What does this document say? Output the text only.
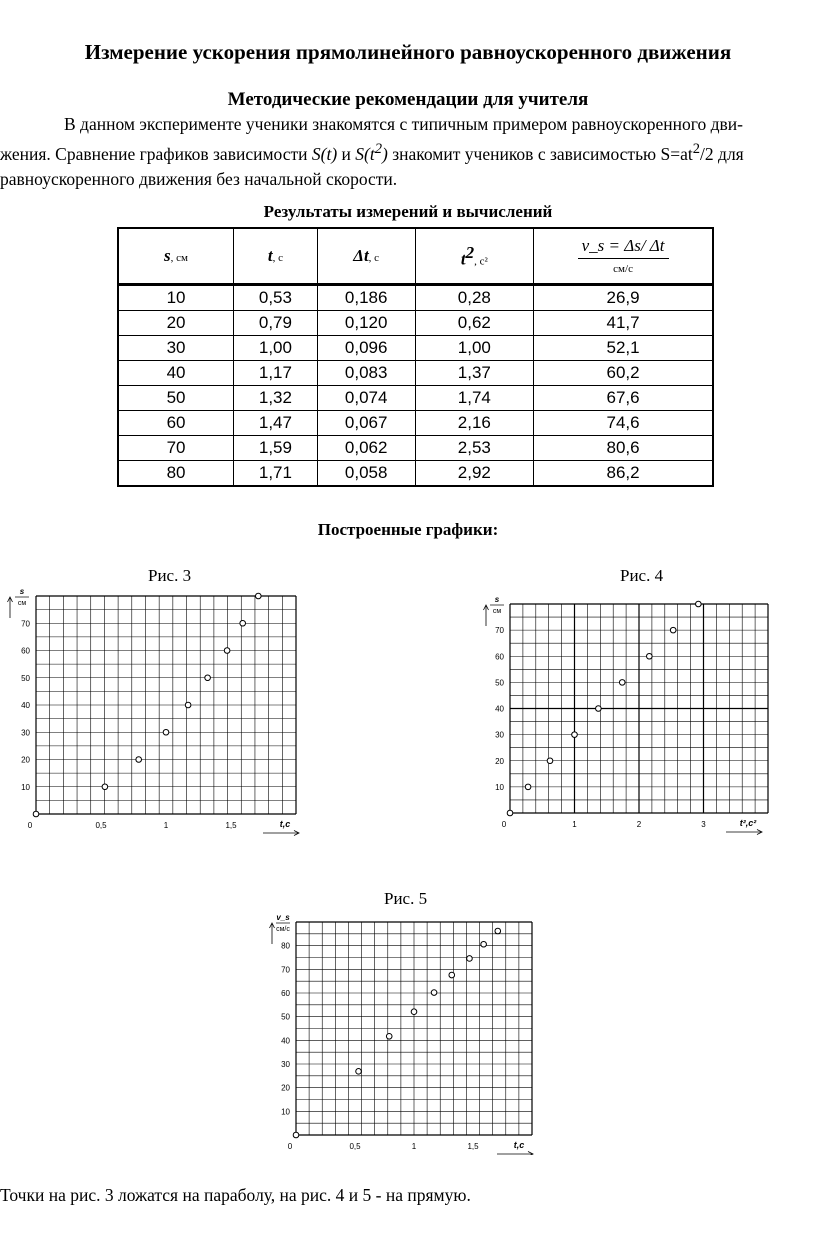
Измерение ускорения прямолинейного равноускоренного движения
Методические рекомендации для учителя
В данном эксперименте ученики знакомятся с типичным примером равноускоренного дви-
жения. Сравнение графиков зависимости S(t) и $S(t^2)$ знакомит учеников с зависимостью $S=at^2/2$ для
равноускоренного движения без начальной скорости.
Результаты измерений и вычислений
s, см	t, с	Δt, с	$t^2$, с²	v_s = Δs/ Δt
см/с
10	0,53	0,186	0,28	26,9
20	0,79	0,120	0,62	41,7
30	1,00	0,096	1,00	52,1
40	1,17	0,083	1,37	60,2
50	1,32	0,074	1,74	67,6
60	1,47	0,067	2,16	74,6
70	1,59	0,062	2,53	80,6
80	1,71	0,058	2,92	86,2
Построенные графики:
Рис. 3	Рис. 4
Рис. 5
10
20
30
40
50
60
70
0	0,5	1	1,5
s
см
t,c
10
20
30
40
50
60
70
0	1	2	3
s
см
t²,c²
10
20
30
40
50
60
70
80
0	0,5	1	1,5
v_s
см/с
t,c
Точки на рис. 3 ложатся на параболу, на рис. 4 и 5 - на прямую.
